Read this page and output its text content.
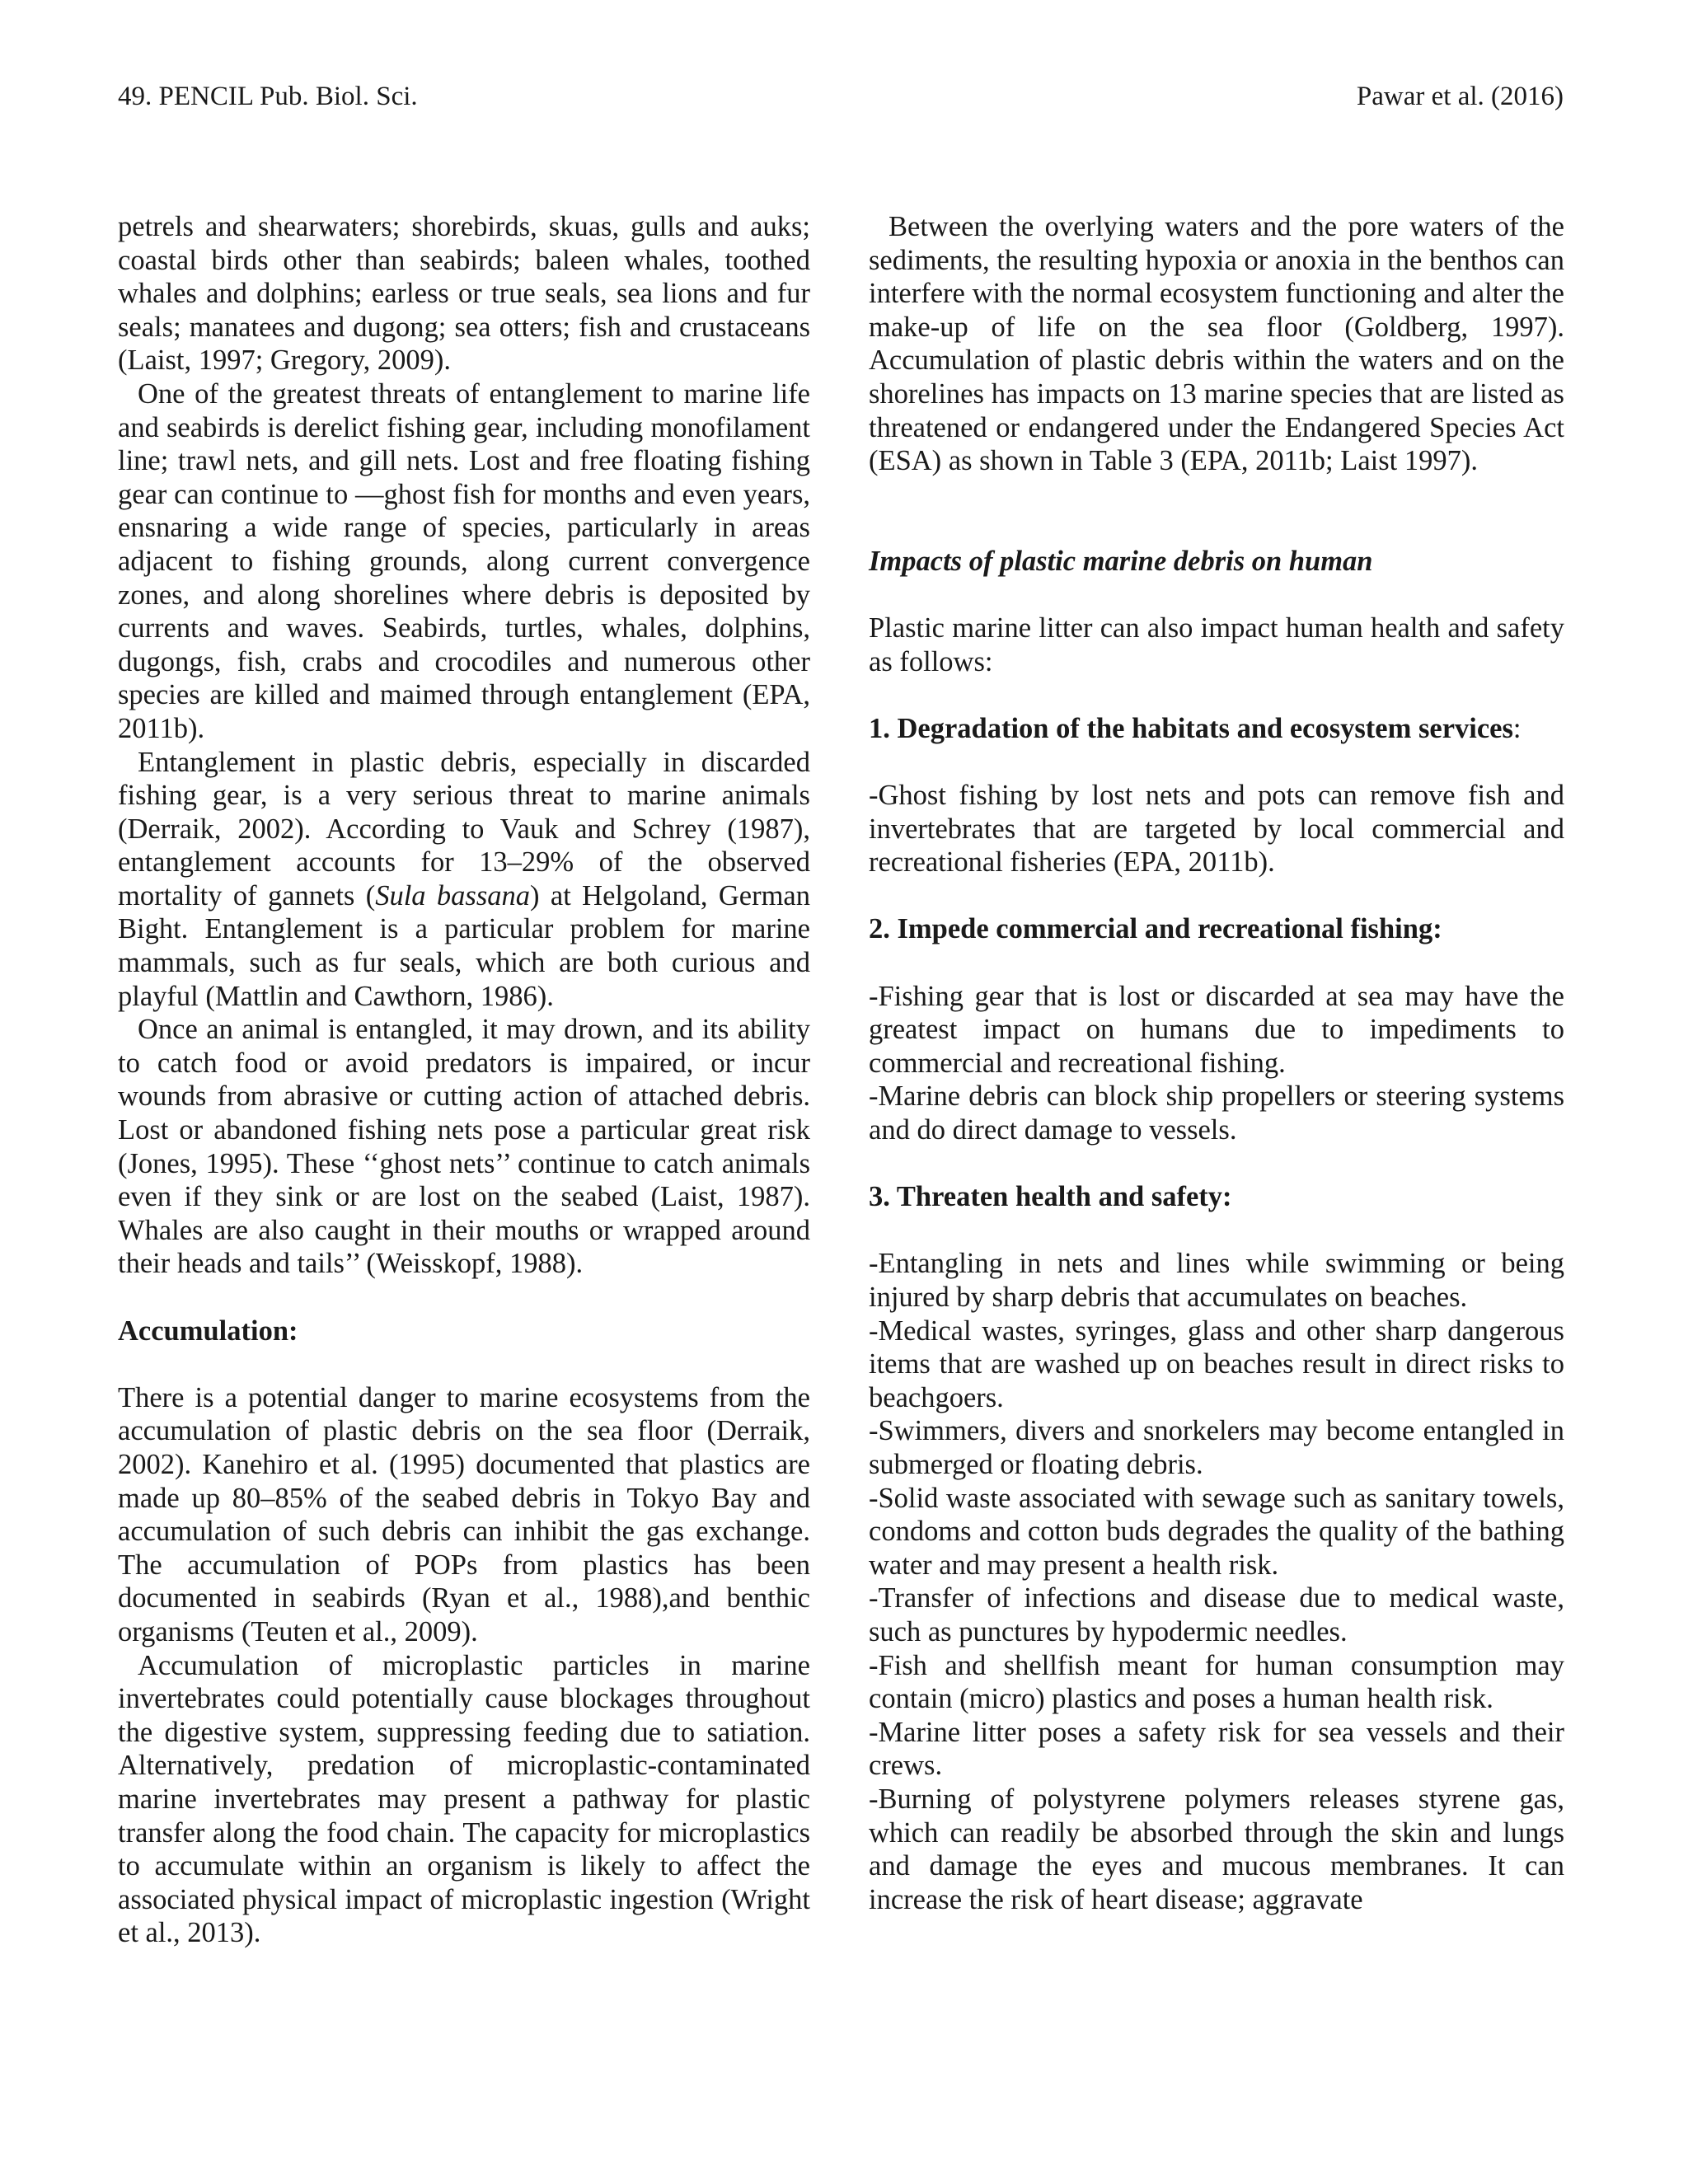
49. PENCIL Pub. Biol. Sci.	Pawar et al. (2016)

petrels and shearwaters; shorebirds, skuas, gulls and auks; coastal birds other than seabirds; baleen whales, toothed whales and dolphins; earless or true seals, sea lions and fur seals; manatees and dugong; sea otters; fish and crustaceans (Laist, 1997; Gregory, 2009).

One of the greatest threats of entanglement to marine life and seabirds is derelict fishing gear, including monofilament line; trawl nets, and gill nets. Lost and free floating fishing gear can continue to ―ghost fish for months and even years, ensnaring a wide range of species, particularly in areas adjacent to fishing grounds, along current convergence zones, and along shorelines where debris is deposited by currents and waves. Seabirds, turtles, whales, dolphins, dugongs, fish, crabs and crocodiles and numerous other species are killed and maimed through entanglement (EPA, 2011b).

Entanglement in plastic debris, especially in discarded fishing gear, is a very serious threat to marine animals (Derraik, 2002). According to Vauk and Schrey (1987), entanglement accounts for 13–29% of the observed mortality of gannets (Sula bassana) at Helgoland, German Bight. Entanglement is a particular problem for marine mammals, such as fur seals, which are both curious and playful (Mattlin and Cawthorn, 1986).

Once an animal is entangled, it may drown, and its ability to catch food or avoid predators is impaired, or incur wounds from abrasive or cutting action of attached debris. Lost or abandoned fishing nets pose a particular great risk (Jones, 1995). These ‘‘ghost nets’’ continue to catch animals even if they sink or are lost on the seabed (Laist, 1987). Whales are also caught in their mouths or wrapped around their heads and tails’’ (Weisskopf, 1988).

Accumulation:

There is a potential danger to marine ecosystems from the accumulation of plastic debris on the sea floor (Derraik, 2002). Kanehiro et al. (1995) documented that plastics are made up 80–85% of the seabed debris in Tokyo Bay and accumulation of such debris can inhibit the gas exchange. The accumulation of POPs from plastics has been documented in seabirds (Ryan et al., 1988),and benthic organisms (Teuten et al., 2009).

Accumulation of microplastic particles in marine invertebrates could potentially cause blockages throughout the digestive system, suppressing feeding due to satiation. Alternatively, predation of microplastic-contaminated marine invertebrates may present a pathway for plastic transfer along the food chain. The capacity for microplastics to accumulate within an organism is likely to affect the associated physical impact of microplastic ingestion (Wright et al., 2013).

Between the overlying waters and the pore waters of the sediments, the resulting hypoxia or anoxia in the benthos can interfere with the normal ecosystem functioning and alter the make-up of life on the sea floor (Goldberg, 1997). Accumulation of plastic debris within the waters and on the shorelines has impacts on 13 marine species that are listed as threatened or endangered under the Endangered Species Act (ESA) as shown in Table 3 (EPA, 2011b; Laist 1997).

Impacts of plastic marine debris on human

Plastic marine litter can also impact human health and safety as follows:

1. Degradation of the habitats and ecosystem services:

-Ghost fishing by lost nets and pots can remove fish and invertebrates that are targeted by local commercial and recreational fisheries (EPA, 2011b).

2. Impede commercial and recreational fishing:

-Fishing gear that is lost or discarded at sea may have the greatest impact on humans due to impediments to commercial and recreational fishing.

-Marine debris can block ship propellers or steering systems and do direct damage to vessels.

3. Threaten health and safety:

-Entangling in nets and lines while swimming or being injured by sharp debris that accumulates on beaches.

-Medical wastes, syringes, glass and other sharp dangerous items that are washed up on beaches result in direct risks to beachgoers.

-Swimmers, divers and snorkelers may become entangled in submerged or floating debris.

-Solid waste associated with sewage such as sanitary towels, condoms and cotton buds degrades the quality of the bathing water and may present a health risk.

-Transfer of infections and disease due to medical waste, such as punctures by hypodermic needles.

-Fish and shellfish meant for human consumption may contain (micro) plastics and poses a human health risk.

-Marine litter poses a safety risk for sea vessels and their crews.

-Burning of polystyrene polymers releases styrene gas, which can readily be absorbed through the skin and lungs and damage the eyes and mucous membranes. It can increase the risk of heart disease; aggravate
